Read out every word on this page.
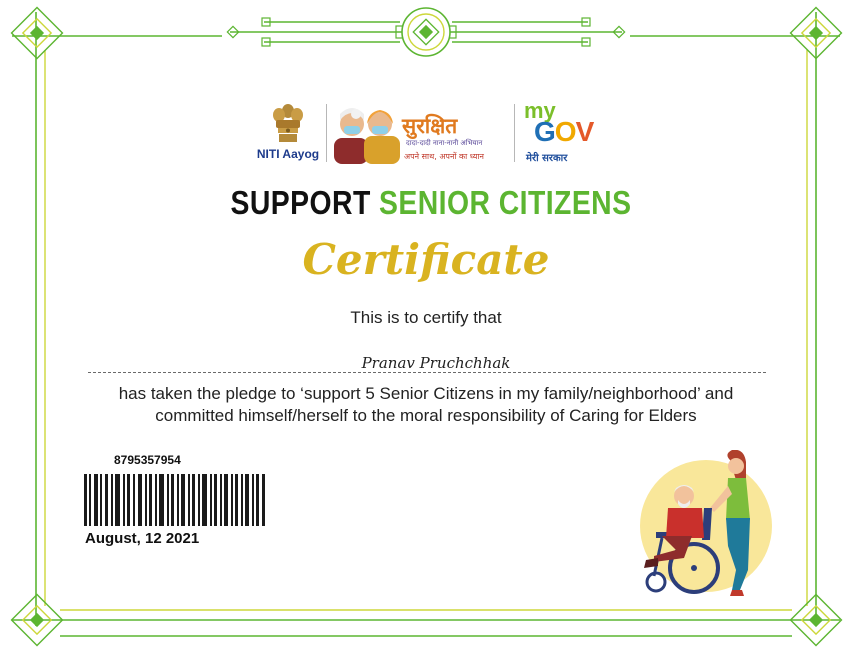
NITI Aayog
सुरक्षित
दादा-दादी नाना-नानी अभियान
अपने साथ, अपनों का ध्यान
my
GOV
मेरी सरकार
SUPPORT SENIOR CITIZENS
Certificate
This is to certify that
Pranav Pruchchhak
has taken the pledge to ‘support 5 Senior Citizens in my family/neighborhood’ and
committed himself/herself to the moral responsibility of Caring for Elders
8795357954
August, 12 2021
